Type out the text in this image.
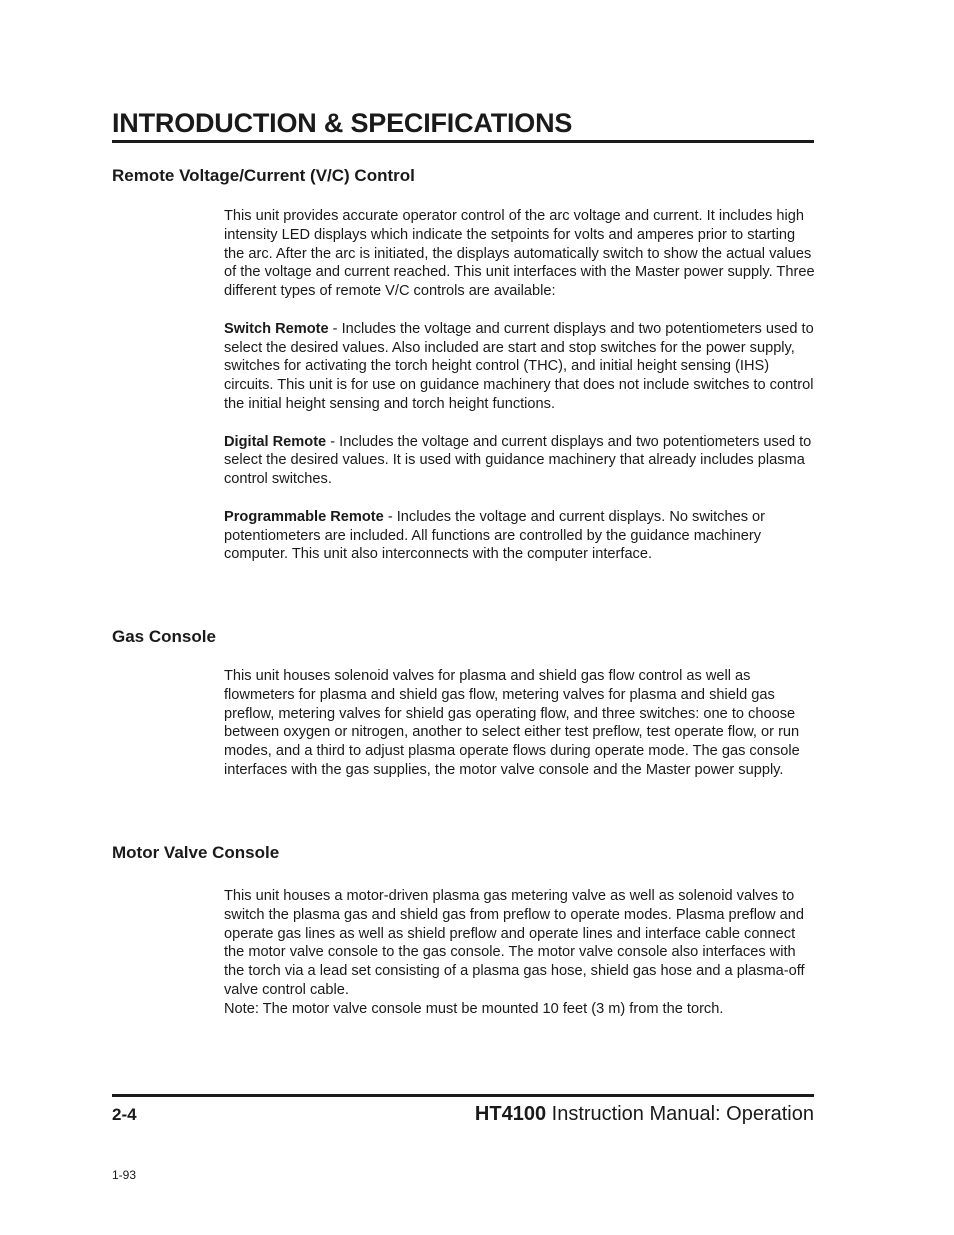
INTRODUCTION & SPECIFICATIONS
Remote Voltage/Current (V/C) Control

This unit provides accurate operator control of the arc voltage and current. It includes high intensity LED displays which indicate the setpoints for volts and amperes prior to starting the arc. After the arc is initiated, the displays automatically switch to show the actual values of the voltage and current reached. This unit interfaces with the Master power supply. Three different types of remote V/C controls are available:

Switch Remote - Includes the voltage and current displays and two potentiometers used to select the desired values. Also included are start and stop switches for the power supply, switches for activating the torch height control (THC), and initial height sensing (IHS) circuits. This unit is for use on guidance machinery that does not include switches to control the initial height sensing and torch height functions.

Digital Remote - Includes the voltage and current displays and two potentiometers used to select the desired values. It is used with guidance machinery that already includes plasma control switches.

Programmable Remote - Includes the voltage and current displays. No switches or potentiometers are included. All functions are controlled by the guidance machinery computer. This unit also interconnects with the computer interface.

Gas Console

This unit houses solenoid valves for plasma and shield gas flow control as well as flowmeters for plasma and shield gas flow, metering valves for plasma and shield gas preflow, metering valves for shield gas operating flow, and three switches: one to choose between oxygen or nitrogen, another to select either test preflow, test operate flow, or run modes, and a third to adjust plasma operate flows during operate mode. The gas console interfaces with the gas supplies, the motor valve console and the Master power supply.

Motor Valve Console

This unit houses a motor-driven plasma gas metering valve as well as solenoid valves to switch the plasma gas and shield gas from preflow to operate modes. Plasma preflow and operate gas lines as well as shield preflow and operate lines and interface cable connect the motor valve console to the gas console. The motor valve console also interfaces with the torch via a lead set consisting of a plasma gas hose, shield gas hose and a plasma-off valve control cable.

Note: The motor valve console must be mounted 10 feet (3 m) from the torch.

2-4	HT4100 Instruction Manual: Operation
1-93
